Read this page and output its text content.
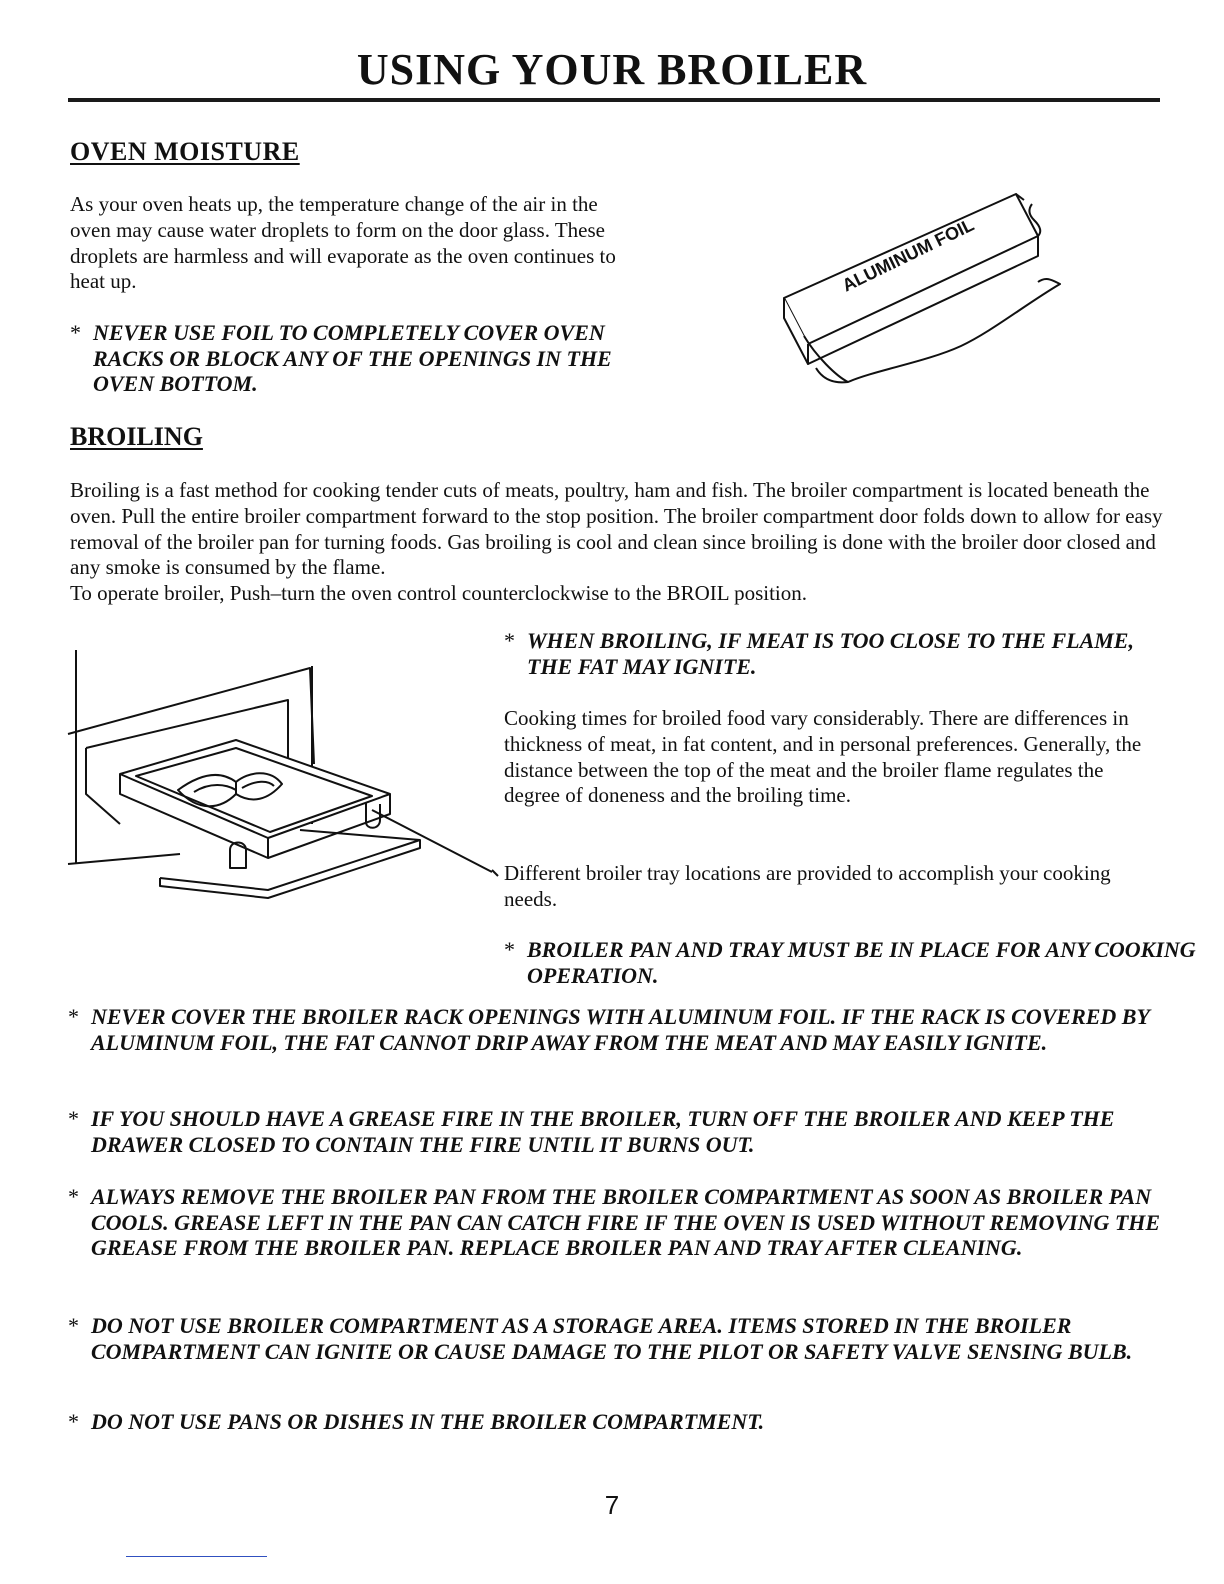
USING YOUR BROILER
OVEN MOISTURE

As your oven heats up, the temperature change of the air in the oven may cause water droplets to form on the door glass. These droplets are harmless and will evaporate as the oven continues to heat up.

* NEVER USE FOIL TO COMPLETELY COVER OVEN RACKS OR BLOCK ANY OF THE OPENINGS IN THE OVEN BOTTOM.

ALUMINUM FOIL
BROILING

Broiling is a fast method for cooking tender cuts of meats, poultry, ham and fish. The broiler compartment is located beneath the oven. Pull the entire broiler compartment forward to the stop position. The broiler compartment door folds down to allow for easy removal of the broiler pan for turning foods. Gas broiling is cool and clean since broiling is done with the broiler door closed and any smoke is consumed by the flame.

To operate broiler, Push–turn the oven control counterclockwise to the BROIL position.

* WHEN BROILING, IF MEAT IS TOO CLOSE TO THE FLAME, THE FAT MAY IGNITE.

Cooking times for broiled food vary considerably. There are differences in thickness of meat, in fat content, and in personal preferences. Generally, the distance between the top of the meat and the broiler flame regulates the degree of doneness and the broiling time.

Different broiler tray locations are provided to accomplish your cooking needs.

* BROILER PAN AND TRAY MUST BE IN PLACE FOR ANY COOKING OPERATION.

* NEVER COVER THE BROILER RACK OPENINGS WITH ALUMINUM FOIL. IF THE RACK IS COVERED BY ALUMINUM FOIL, THE FAT CANNOT DRIP AWAY FROM THE MEAT AND MAY EASILY IGNITE.

* IF YOU SHOULD HAVE A GREASE FIRE IN THE BROILER, TURN OFF THE BROILER AND KEEP THE DRAWER CLOSED TO CONTAIN THE FIRE UNTIL IT BURNS OUT.

* ALWAYS REMOVE THE BROILER PAN FROM THE BROILER COMPARTMENT AS SOON AS BROILER PAN COOLS. GREASE LEFT IN THE PAN CAN CATCH FIRE IF THE OVEN IS USED WITHOUT REMOVING THE GREASE FROM THE BROILER PAN. REPLACE BROILER PAN AND TRAY AFTER CLEANING.

* DO NOT USE BROILER COMPARTMENT AS A STORAGE AREA. ITEMS STORED IN THE BROILER COMPARTMENT CAN IGNITE OR CAUSE DAMAGE TO THE PILOT OR SAFETY VALVE SENSING BULB.

* DO NOT USE PANS OR DISHES IN THE BROILER COMPARTMENT.

7
